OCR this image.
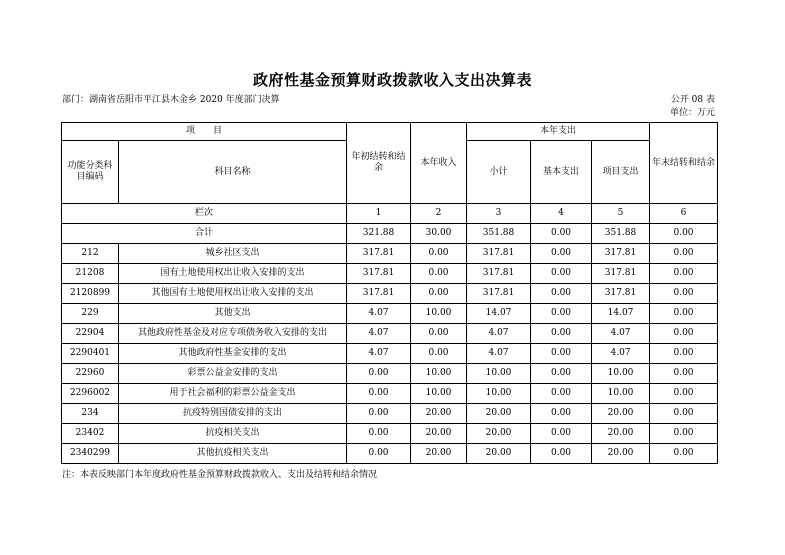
政府性基金预算财政拨款收入支出决算表
部门：湖南省岳阳市平江县木金乡 2020 年度部门决算	公开 08 表
单位：万元
项　　目		年初结转和结余	本年收入	本年支出			年末结转和结余
功能分类科目编码	科目名称			小计	基本支出	项目支出	
栏次		1	2	3	4	5	6
合计		321.88	30.00	351.88	0.00	351.88	0.00
212	城乡社区支出	317.81	0.00	317.81	0.00	317.81	0.00
21208	国有土地使用权出让收入安排的支出	317.81	0.00	317.81	0.00	317.81	0.00
2120899	其他国有土地使用权出让收入安排的支出	317.81	0.00	317.81	0.00	317.81	0.00
229	其他支出	4.07	10.00	14.07	0.00	14.07	0.00
22904	其他政府性基金及对应专项债务收入安排的支出	4.07	0.00	4.07	0.00	4.07	0.00
2290401	其他政府性基金安排的支出	4.07	0.00	4.07	0.00	4.07	0.00
22960	彩票公益金安排的支出	0.00	10.00	10.00	0.00	10.00	0.00
2296002	用于社会福利的彩票公益金支出	0.00	10.00	10.00	0.00	10.00	0.00
234	抗疫特别国债安排的支出	0.00	20.00	20.00	0.00	20.00	0.00
23402	抗疫相关支出	0.00	20.00	20.00	0.00	20.00	0.00
2340299	其他抗疫相关支出	0.00	20.00	20.00	0.00	20.00	0.00
注：本表反映部门本年度政府性基金预算财政拨款收入、支出及结转和结余情况
